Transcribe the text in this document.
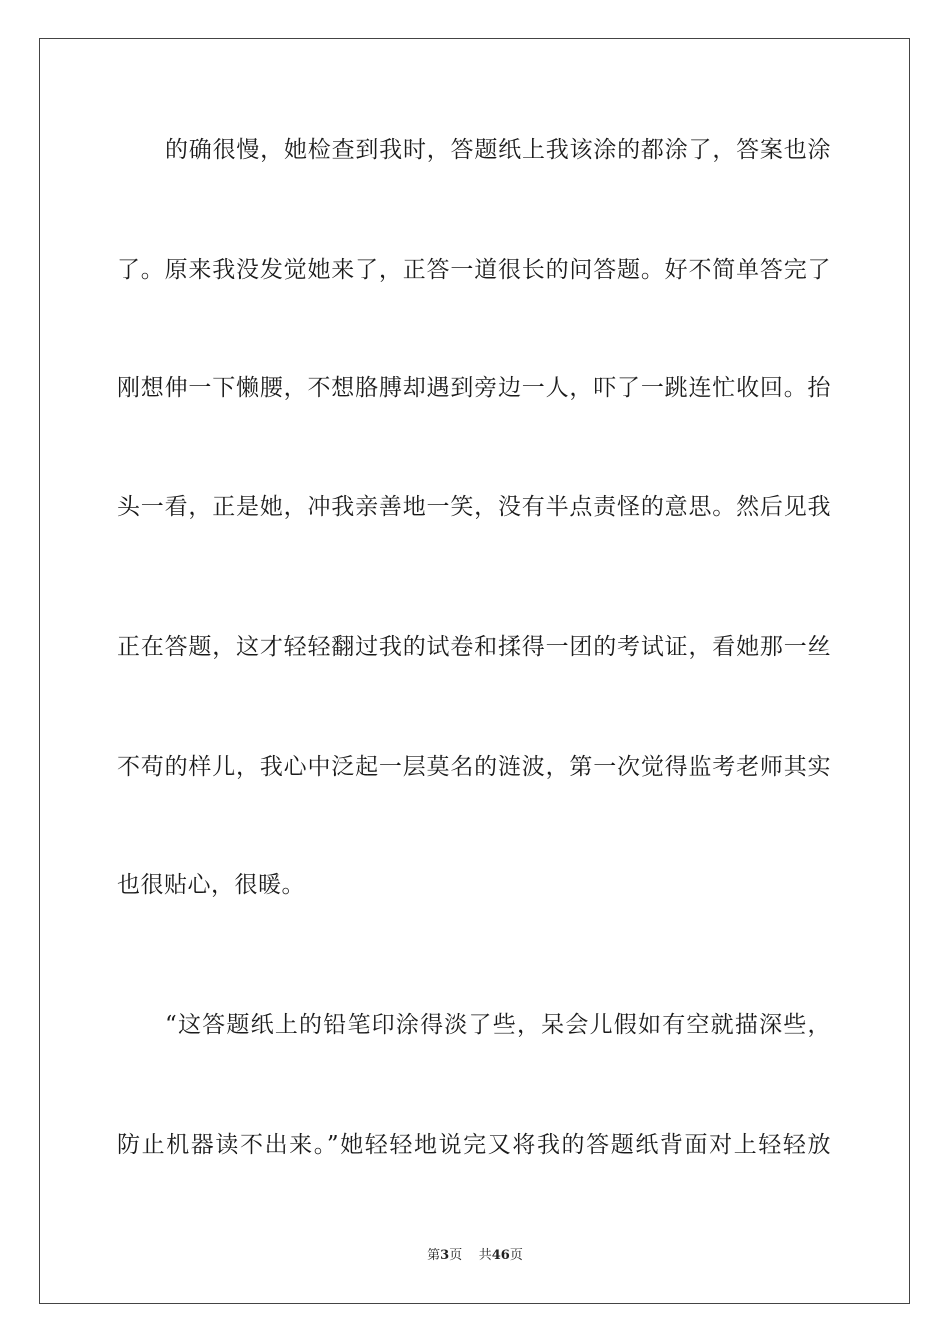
的确很慢，她检查到我时，答题纸上我该涂的都涂了，答案也涂
了。原来我没发觉她来了，正答一道很长的问答题。好不简单答完了
刚想伸一下懒腰，不想胳膊却遇到旁边一人，吓了一跳连忙收回。抬
头一看，正是她，冲我亲善地一笑，没有半点责怪的意思。然后见我
正在答题，这才轻轻翻过我的试卷和揉得一团的考试证，看她那一丝
不苟的样儿，我心中泛起一层莫名的涟波，第一次觉得监考老师其实
也很贴心，很暖。
“这答题纸上的铅笔印涂得淡了些，呆会儿假如有空就描深些，
防止机器读不出来。”她轻轻地说完又将我的答题纸背面对上轻轻放
第3页 共46页
